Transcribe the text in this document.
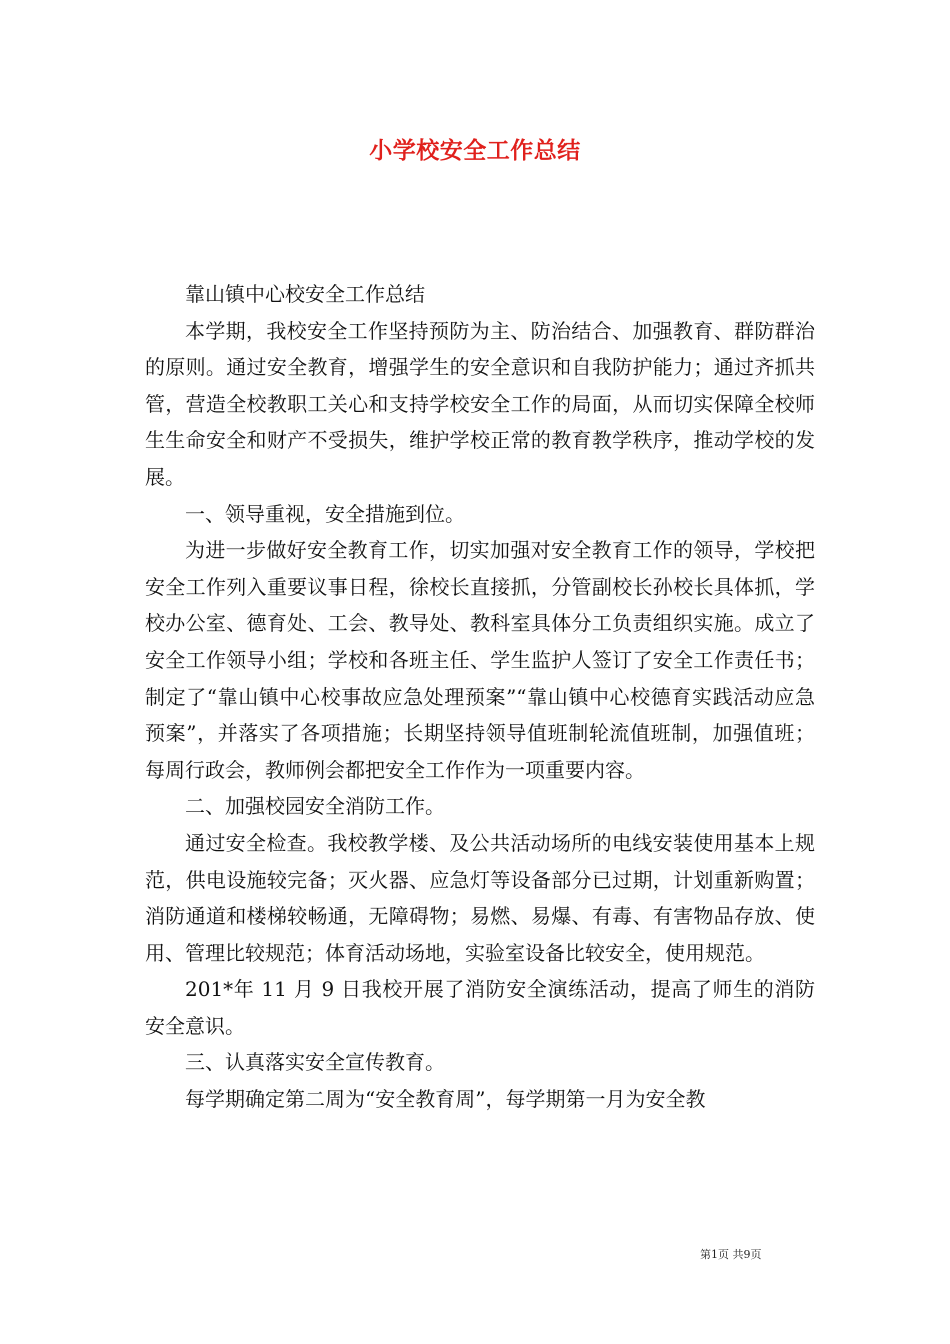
小学校安全工作总结

靠山镇中心校安全工作总结

本学期，我校安全工作坚持预防为主、防治结合、加强教育、群防群治的原则。通过安全教育，增强学生的安全意识和自我防护能力；通过齐抓共管，营造全校教职工关心和支持学校安全工作的局面，从而切实保障全校师生生命安全和财产不受损失，维护学校正常的教育教学秩序，推动学校的发展。

一、领导重视，安全措施到位。

为进一步做好安全教育工作，切实加强对安全教育工作的领导，学校把安全工作列入重要议事日程，徐校长直接抓，分管副校长孙校长具体抓，学校办公室、德育处、工会、教导处、教科室具体分工负责组织实施。成立了安全工作领导小组；学校和各班主任、学生监护人签订了安全工作责任书；制定了“靠山镇中心校事故应急处理预案”“靠山镇中心校德育实践活动应急预案”，并落实了各项措施；长期坚持领导值班制轮流值班制，加强值班；每周行政会，教师例会都把安全工作作为一项重要内容。

二、加强校园安全消防工作。

通过安全检查。我校教学楼、及公共活动场所的电线安装使用基本上规范，供电设施较完备；灭火器、应急灯等设备部分已过期，计划重新购置；消防通道和楼梯较畅通，无障碍物；易燃、易爆、有毒、有害物品存放、使用、管理比较规范；体育活动场地，实验室设备比较安全，使用规范。

201*年 11 月 9 日我校开展了消防安全演练活动，提高了师生的消防安全意识。

三、认真落实安全宣传教育。

每学期确定第二周为“安全教育周”，每学期第一月为安全教

第1页 共9页
